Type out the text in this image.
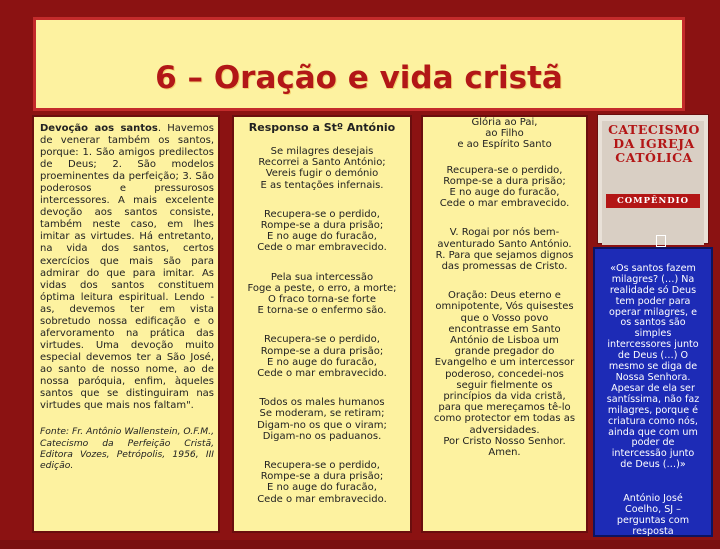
6 – Oração e vida cristã

Devoção aos santos. Havemos de venerar também os santos, porque: 1. São amigos predilectos de Deus; 2. São modelos proeminentes da perfeição; 3. São poderosos e pressurosos intercessores. A mais excelente devoção aos santos consiste, também neste caso, em lhes imitar as virtudes. Há entretanto, na vida dos santos, certos exercícios que mais são para admirar do que para imitar. As vidas dos santos constituem óptima leitura espiritual. Lendo -as, devemos ter em vista sobretudo nossa edificação e o afervoramento na prática das virtudes. Uma devoção muito especial devemos ter a São José, ao santo de nosso nome, ao de nossa paróquia, enfim, àqueles santos que se distinguiram nas virtudes que mais nos faltam".

Fonte: Fr. Antônio Wallenstein, O.F.M., Catecismo da Perfeição Cristã, Editora Vozes, Petrópolis, 1956, III edição.

Responso a Stº António

Se milagres desejais
Recorrei a Santo António;
Vereis fugir o demónio
E as tentações infernais.

Recupera-se o perdido,
Rompe-se a dura prisão;
E no auge do furacão,
Cede o mar embravecido.

Pela sua intercessão
Foge a peste, o erro, a morte;
O fraco torna-se forte
E torna-se o enfermo são.

Recupera-se o perdido,
Rompe-se a dura prisão;
E no auge do furacão,
Cede o mar embravecido.

Todos os males humanos
Se moderam, se retiram;
Digam-no os que o viram;
Digam-no os paduanos.

Recupera-se o perdido,
Rompe-se a dura prisão;
E no auge do furacão,
Cede o mar embravecido.

Glória ao Pai,
ao Filho
e ao Espírito Santo

Recupera-se o perdido,
Rompe-se a dura prisão;
E no auge do furacão,
Cede o mar embravecido.

V. Rogai por nós bem-
aventurado Santo António.
R. Para que sejamos dignos
das promessas de Cristo.

Oração: Deus eterno e
omnipotente, Vós quisestes
que o Vosso povo
encontrasse em Santo
António de Lisboa um
grande pregador do
Evangelho e um intercessor
poderoso, concedei-nos
seguir fielmente os
princípios da vida cristã,
para que mereçamos tê-lo
como protector em todas as
adversidades.
Por Cristo Nosso Senhor.
Amen.

CATECISMO
DA IGREJA
CATÓLICA
COMPÊNDIO

«Os santos fazem
milagres? (…) Na
realidade só Deus
tem poder para
operar milagres, e
os santos são
simples
intercessores junto
de Deus (…) O
mesmo se diga de
Nossa Senhora.
Apesar de ela ser
santíssima, não faz
milagres, porque é
criatura como nós,
ainda que com um
poder de
intercessão junto
de Deus (…)»

António José
Coelho, SJ –
perguntas com
resposta
